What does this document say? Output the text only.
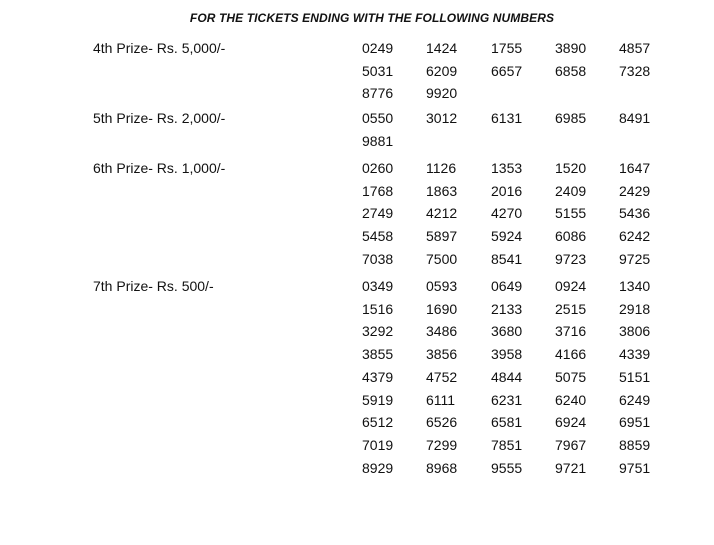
FOR THE TICKETS ENDING WITH THE FOLLOWING NUMBERS
4th Prize- Rs. 5,000/-	0249 1424 1755 3890 4857
5031 6209 6657 6858 7328
8776 9920
5th Prize- Rs. 2,000/-	0550 3012 6131 6985 8491
9881
6th Prize- Rs. 1,000/-	0260 1126 1353 1520 1647
1768 1863 2016 2409 2429
2749 4212 4270 5155 5436
5458 5897 5924 6086 6242
7038 7500 8541 9723 9725
7th Prize- Rs. 500/-	0349 0593 0649 0924 1340
1516 1690 2133 2515 2918
3292 3486 3680 3716 3806
3855 3856 3958 4166 4339
4379 4752 4844 5075 5151
5919 6111	6231 6240 6249
6512 6526 6581 6924 6951
7019 7299 7851 7967 8859
8929 8968 9555 9721 9751
